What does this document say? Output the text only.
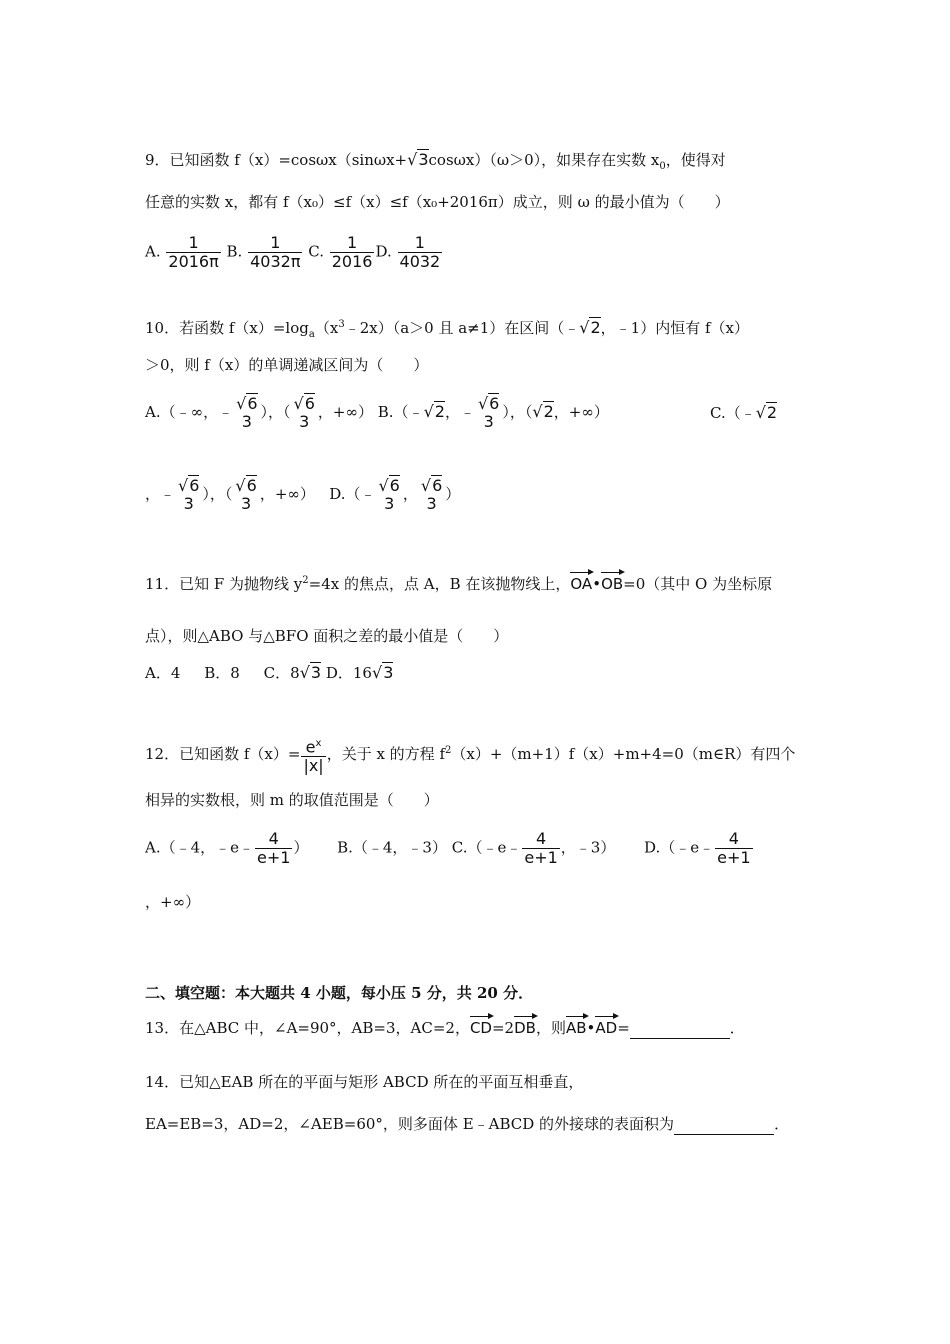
9．已知函数 f（x）=cosωx（sinωx+√3cosωx）（ω＞0），如果存在实数 $x_0$，使得对
任意的实数 x，都有 f（x₀）≤f（x）≤f（x₀+2016π）成立，则 ω 的最小值为（　　）
A. $\frac{1}{2016\pi} B$. $\frac{1}{4032\pi} C$. $\frac{1}{2016} D$. $\frac{1}{4032}$
10．若函数 $f(x)=\log_a(x^3﹣2x)(a>0$ 且 a≠1）在区间（﹣√2，﹣1）内恒有 f（x）
＞0，则 f（x）的单调递减区间为（　　）
A.（﹣∞，﹣ √6
3 ），（ √6
3 ，+∞） B.（﹣√2，﹣ √6
3 ），（√2，+∞）	C.（﹣√2
，﹣ √6
3 ），（ √6
3 ，+∞） D.（﹣ √6
3 ， √6
3 ）
11．已知 F 为抛物线 $y^2=4x$ 的焦点，点 A，B 在该抛物线上，OA•OB=0（其中 O 为坐标原
点），则△ABO 与△BFO 面积之差的最小值是（　　）
A．4 B．8 C．8√3 D．16√3
12．已知函数 $f(x)= \frac{e^x}{|x|}$ ，关于 x 的方程 $f^2(x)+(m+1)f(x)+m+4=0(m\in R)$有四个
相异的实数根，则 m 的取值范围是（　　）
A.（﹣4，﹣e﹣ $\frac{4}{e+1}$ ） B.（﹣4，﹣3） C.（﹣e﹣ $\frac{4}{e+1}$ ，﹣3） D.（﹣e﹣ $\frac{4}{e+1}$
，+∞）
二、填空题：本大题共 4 小题，每小压 5 分，共 20 分．
13．在△ABC 中，∠A=90°，AB=3，AC=2，CD=2DB，则AB•AD=	．
14．已知△EAB 所在的平面与矩形 ABCD 所在的平面互相垂直，
EA=EB=3，AD=2，∠AEB=60°，则多面体 E﹣ABCD 的外接球的表面积为	．
